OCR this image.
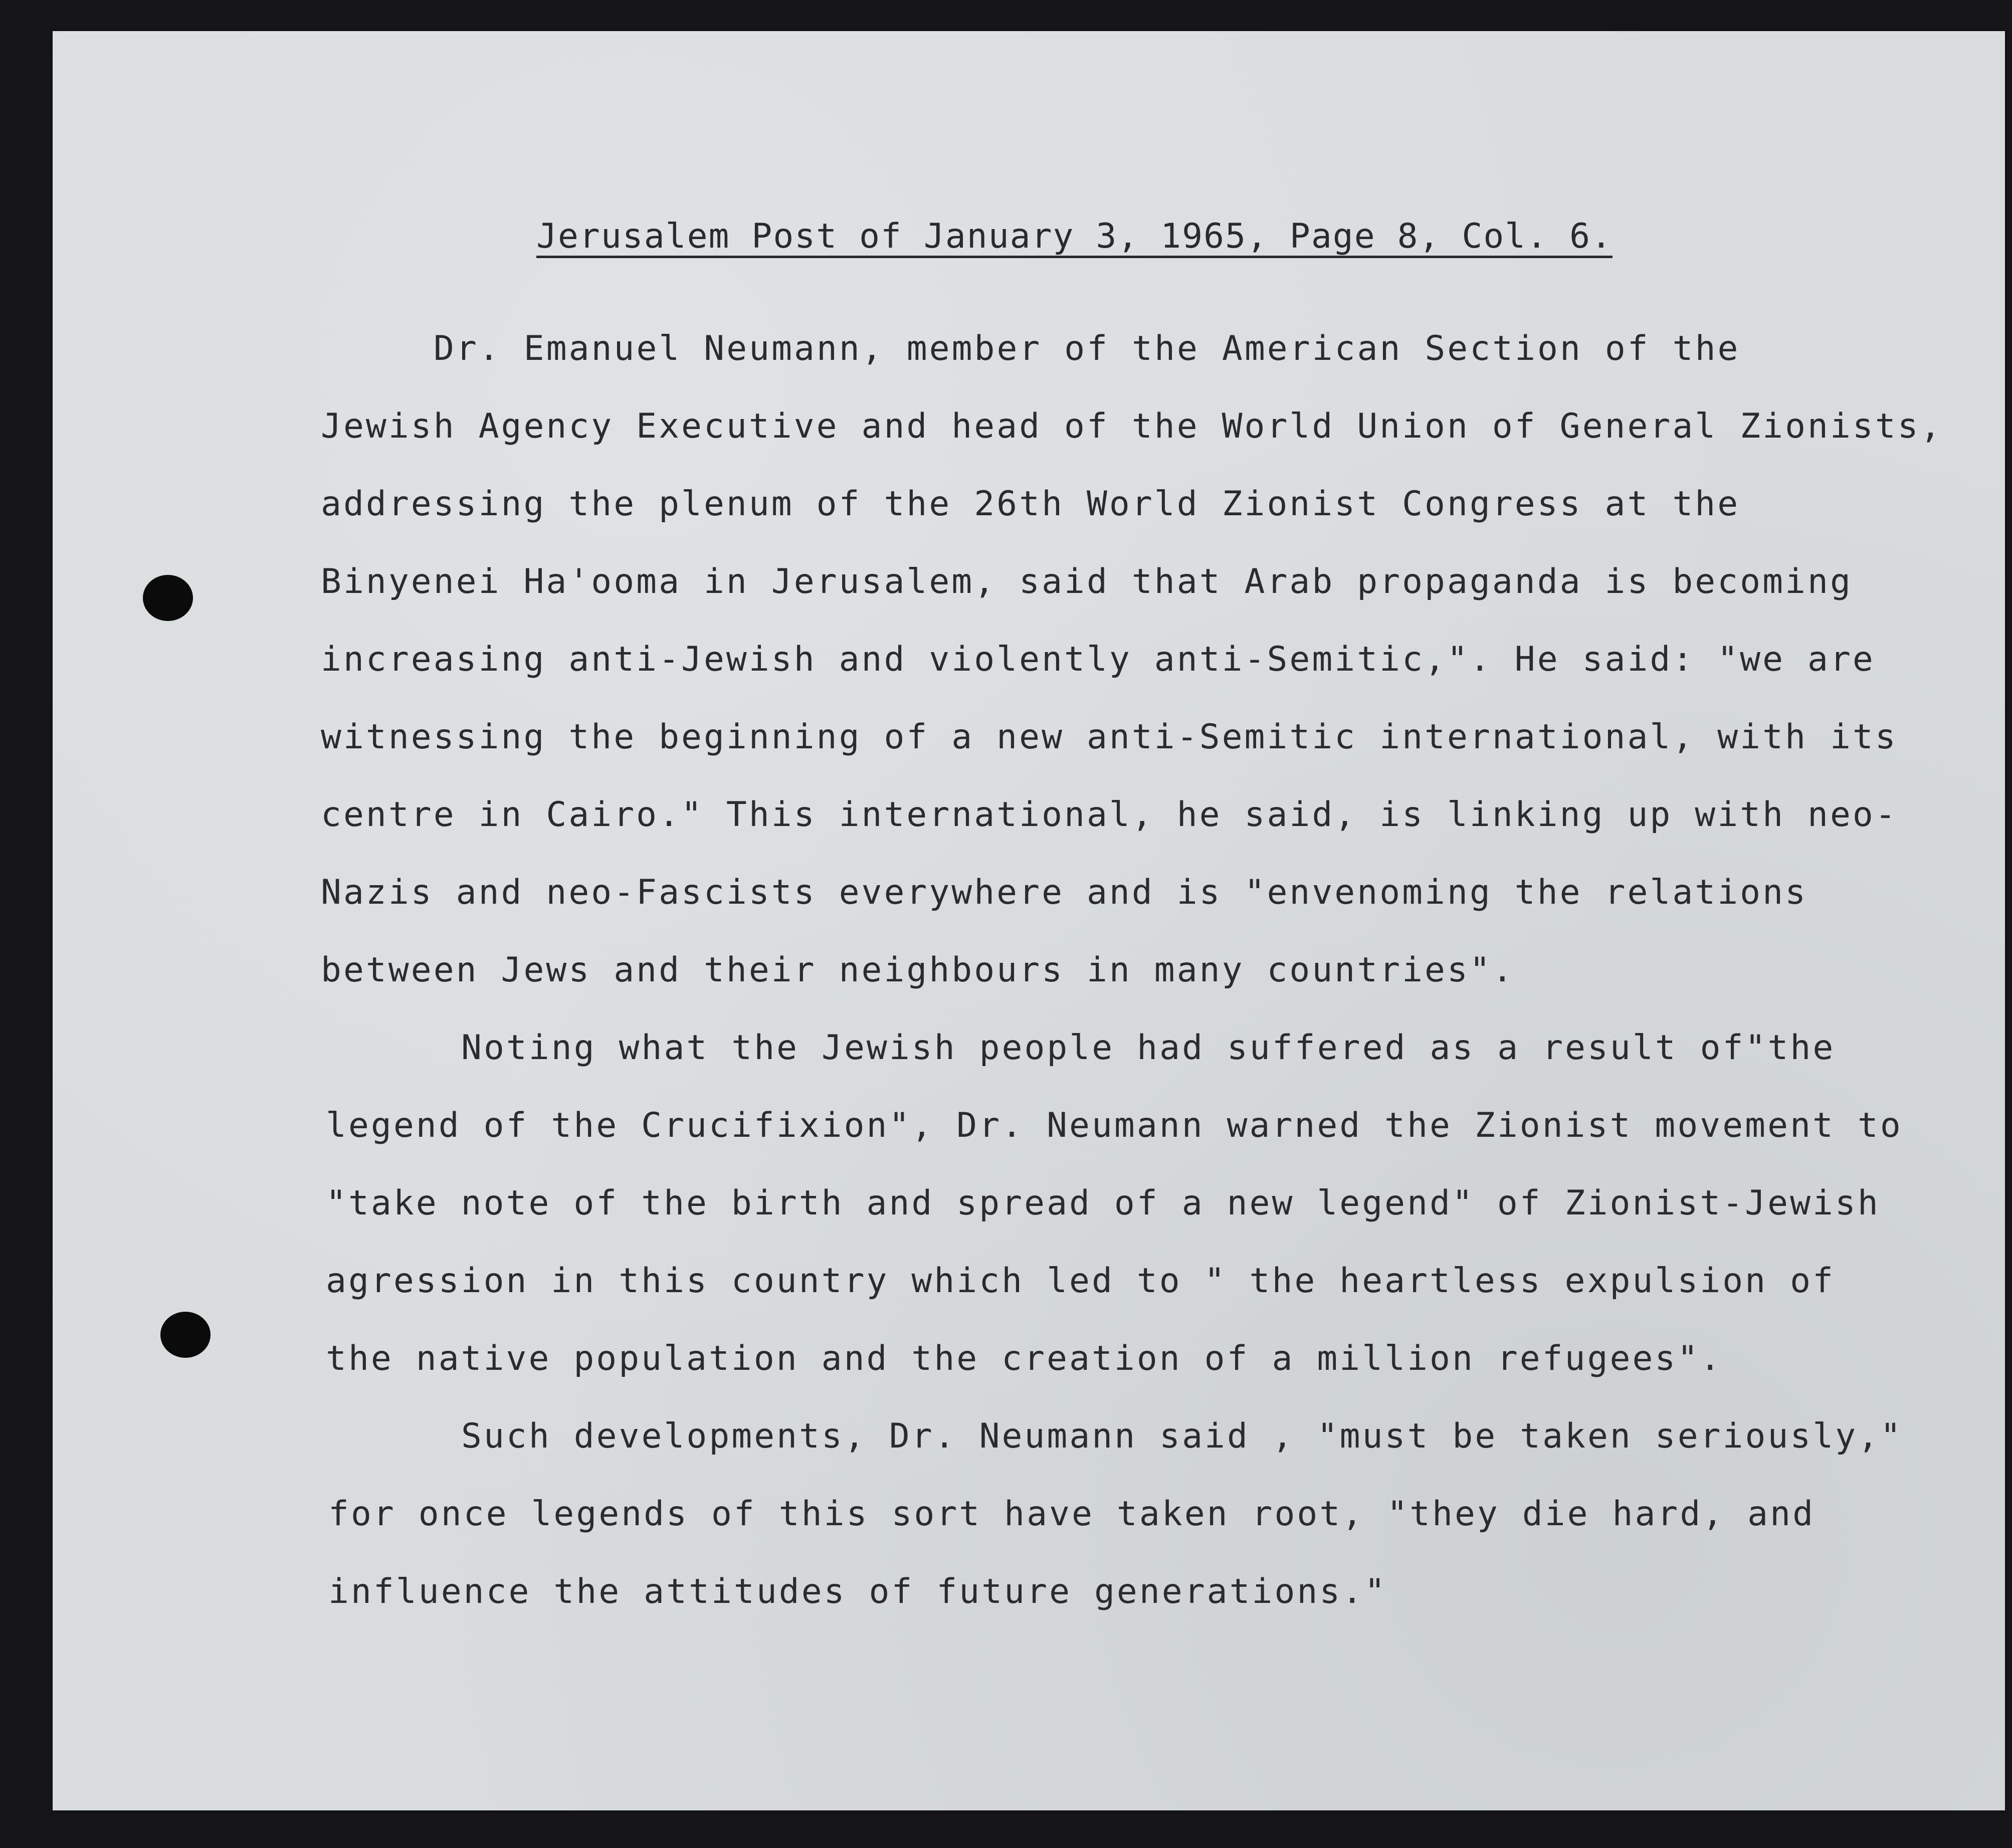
Jerusalem Post of January 3, 1965, Page 8, Col. 6.
Dr. Emanuel Neumann, member of the American Section of the
Jewish Agency Executive and head of the World Union of General Zionists,
addressing the plenum of the 26th World Zionist Congress at the
Binyenei Ha'ooma in Jerusalem, said that Arab propaganda is becoming
increasing anti-Jewish and violently anti-Semitic,". He said: "we are
witnessing the beginning of a new anti-Semitic international, with its
centre in Cairo." This international, he said, is linking up with neo-
Nazis and neo-Fascists everywhere and is "envenoming the relations
between Jews and their neighbours in many countries".
Noting what the Jewish people had suffered as a result of"the
legend of the Crucifixion", Dr. Neumann warned the Zionist movement to
"take note of the birth and spread of a new legend" of Zionist-Jewish
agression in this country which led to " the heartless expulsion of
the native population and the creation of a million refugees".
Such developments, Dr. Neumann said , "must be taken seriously,"
for once legends of this sort have taken root, "they die hard, and
influence the attitudes of future generations."
